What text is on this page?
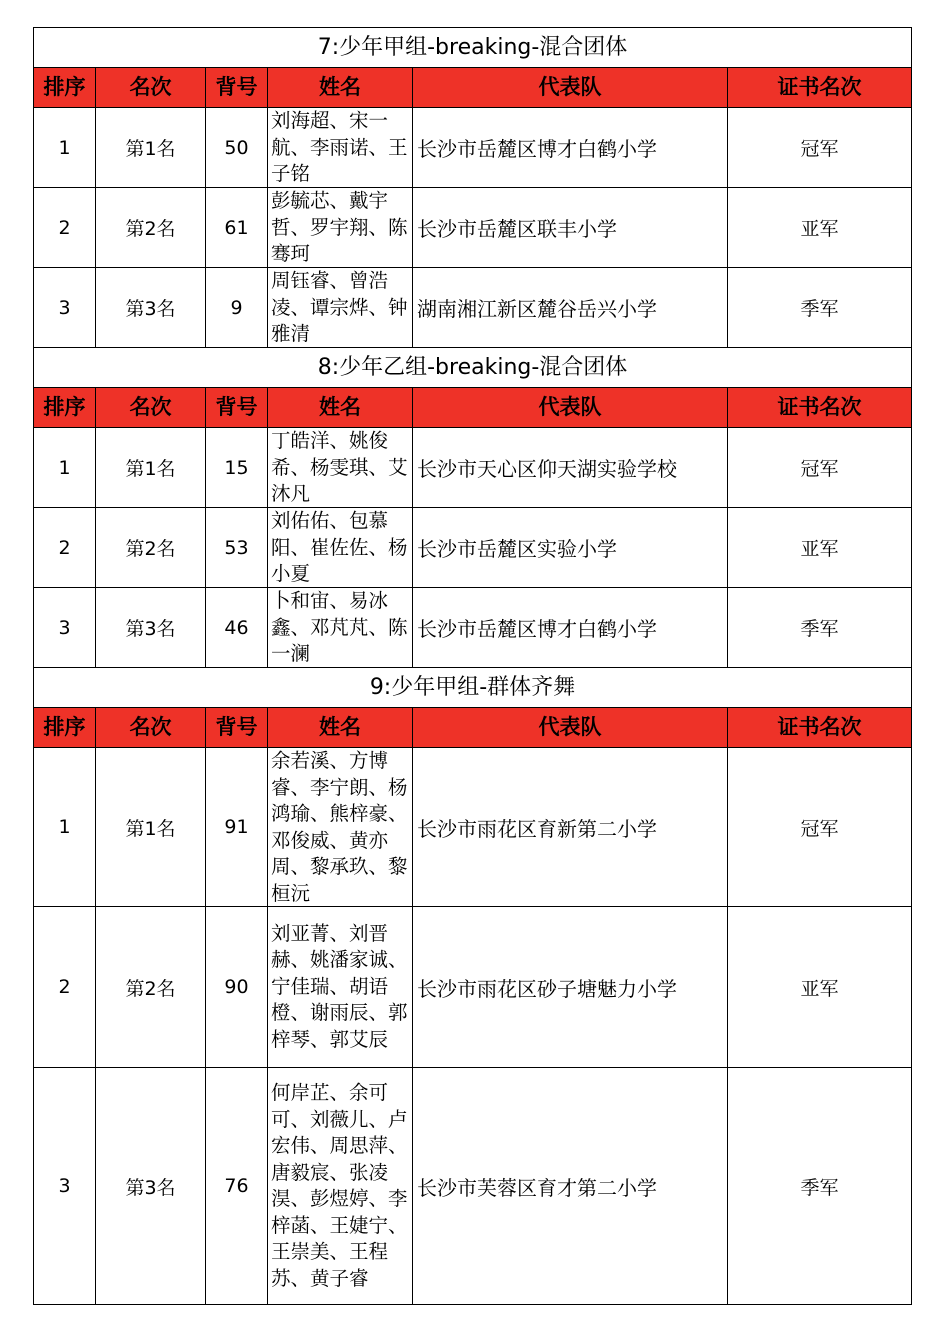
7:少年甲组-breaking-混合团体					
排序	名次	背号	姓名	代表队	证书名次
1	第1名	50	刘海超、宋一航、李雨诺、王子铭	长沙市岳麓区博才白鹤小学	冠军
2	第2名	61	彭毓芯、戴宇哲、罗宇翔、陈骞珂	长沙市岳麓区联丰小学	亚军
3	第3名	9	周钰睿、曾浩凌、谭宗烨、钟雅清	湖南湘江新区麓谷岳兴小学	季军
8:少年乙组-breaking-混合团体					
排序	名次	背号	姓名	代表队	证书名次
1	第1名	15	丁皓洋、姚俊希、杨雯琪、艾沐凡	长沙市天心区仰天湖实验学校	冠军
2	第2名	53	刘佑佑、包慕阳、崔佐佐、杨小夏	长沙市岳麓区实验小学	亚军
3	第3名	46	卜和宙、易冰鑫、邓芃芃、陈一澜	长沙市岳麓区博才白鹤小学	季军
9:少年甲组-群体齐舞					
排序	名次	背号	姓名	代表队	证书名次
1	第1名	91	余若溪、方博睿、李宁朗、杨鸿瑜、熊梓豪、邓俊威、黄亦周、黎承玖、黎桓沅	长沙市雨花区育新第二小学	冠军
2	第2名	90	刘亚菁、刘晋赫、姚潘家诚、宁佳瑞、胡语橙、谢雨辰、郭梓琴、郭艾辰	长沙市雨花区砂子塘魅力小学	亚军
3	第3名	76	何岸芷、余可可、刘薇儿、卢宏伟、周思萍、唐毅宸、张凌淏、彭煜婷、李梓菡、王婕宁、王崇美、王程苏、黄子睿	长沙市芙蓉区育才第二小学	季军
